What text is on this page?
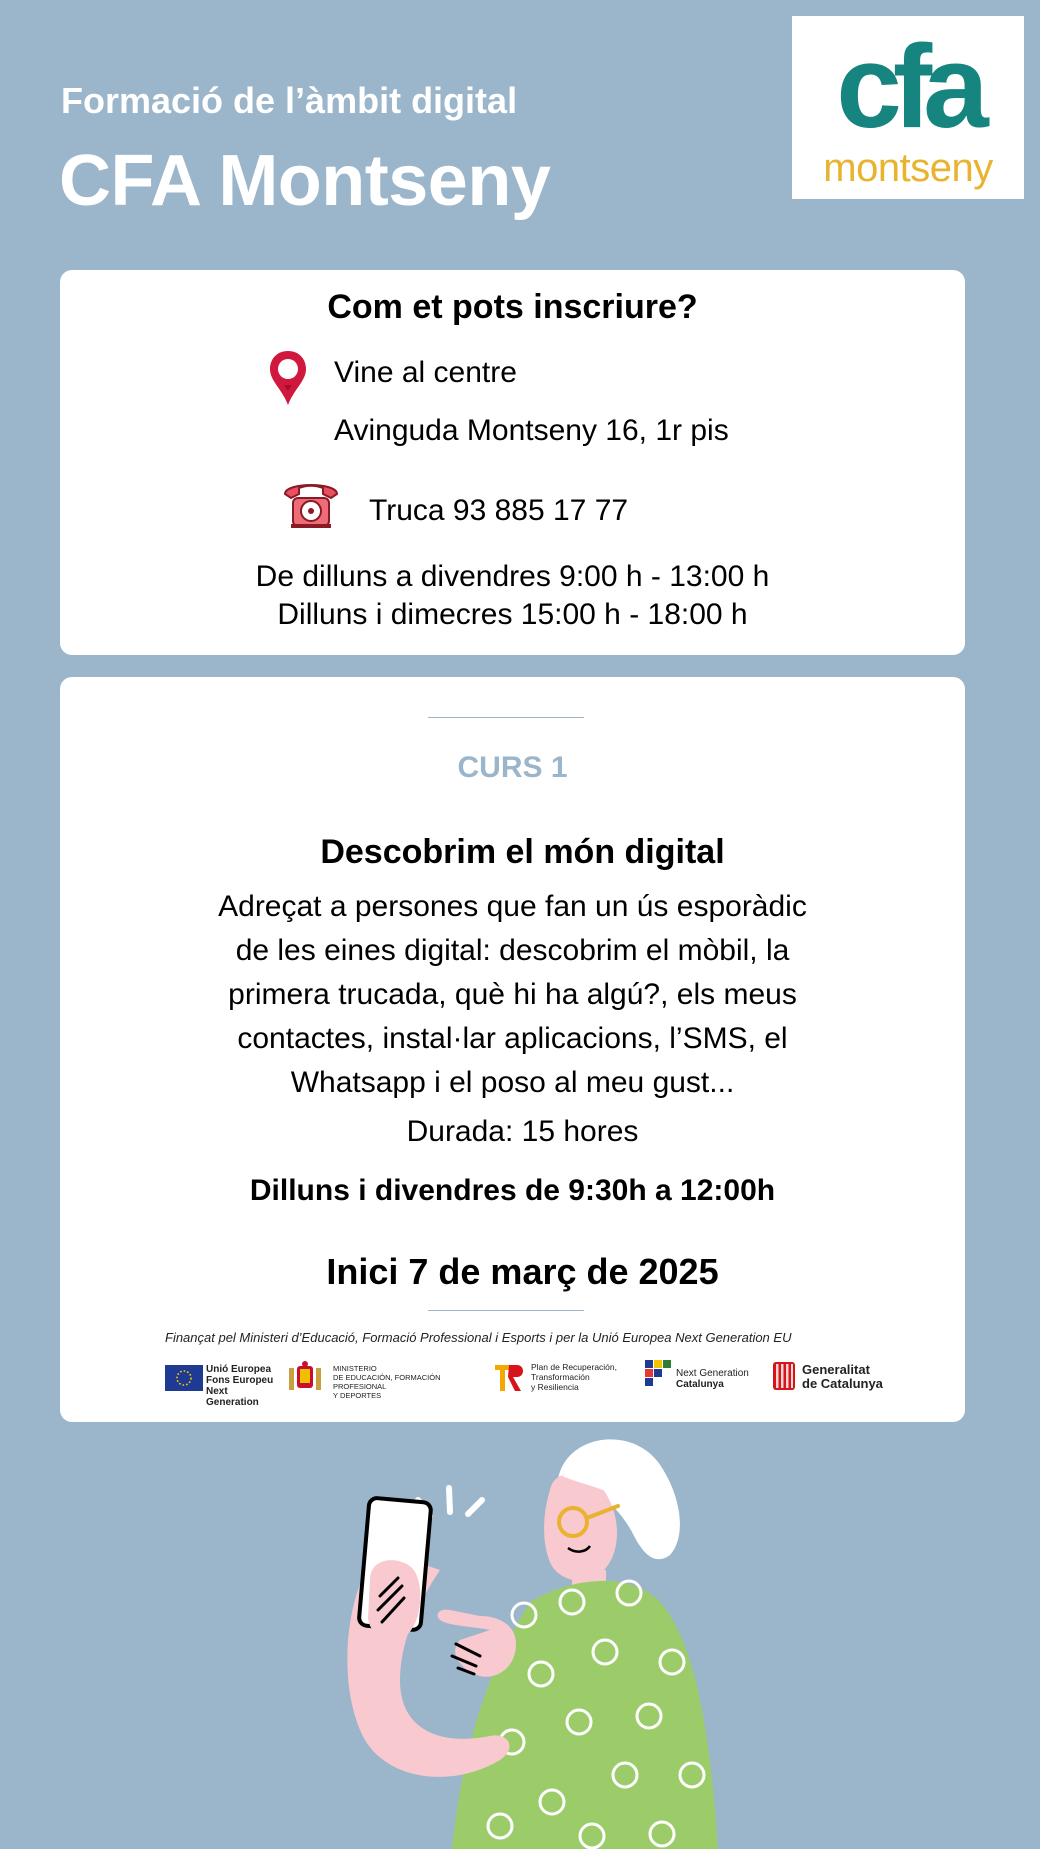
Formació de l’àmbit digital
CFA Montseny
cfa
montseny
Com et pots inscriure?
Vine al centre
Avinguda Montseny 16, 1r pis
Truca 93 885 17 77
De dilluns a divendres 9:00 h - 13:00 h
Dilluns i dimecres 15:00 h - 18:00 h
CURS 1
Descobrim el món digital
Adreçat a persones que fan un ús esporàdic
de les eines digital: descobrim el mòbil, la
primera trucada, què hi ha algú?, els meus
contactes, instal·lar aplicacions, l’SMS, el
Whatsapp i el poso al meu gust...
Durada: 15 hores
Dilluns i divendres de 9:30h a 12:00h
Inici 7 de març de 2025
Finançat pel Ministeri d’Educació, Formació Professional i Esports i per la Unió Europea Next Generation EU
Unió Europea
Fons Europeu
Next Generation
MINISTERIO
DE EDUCACIÓN, FORMACIÓN PROFESIONAL
Y DEPORTES
Plan de Recuperación,
Transformación
y Resiliencia
Next Generation
Catalunya
Generalitat
de Catalunya
